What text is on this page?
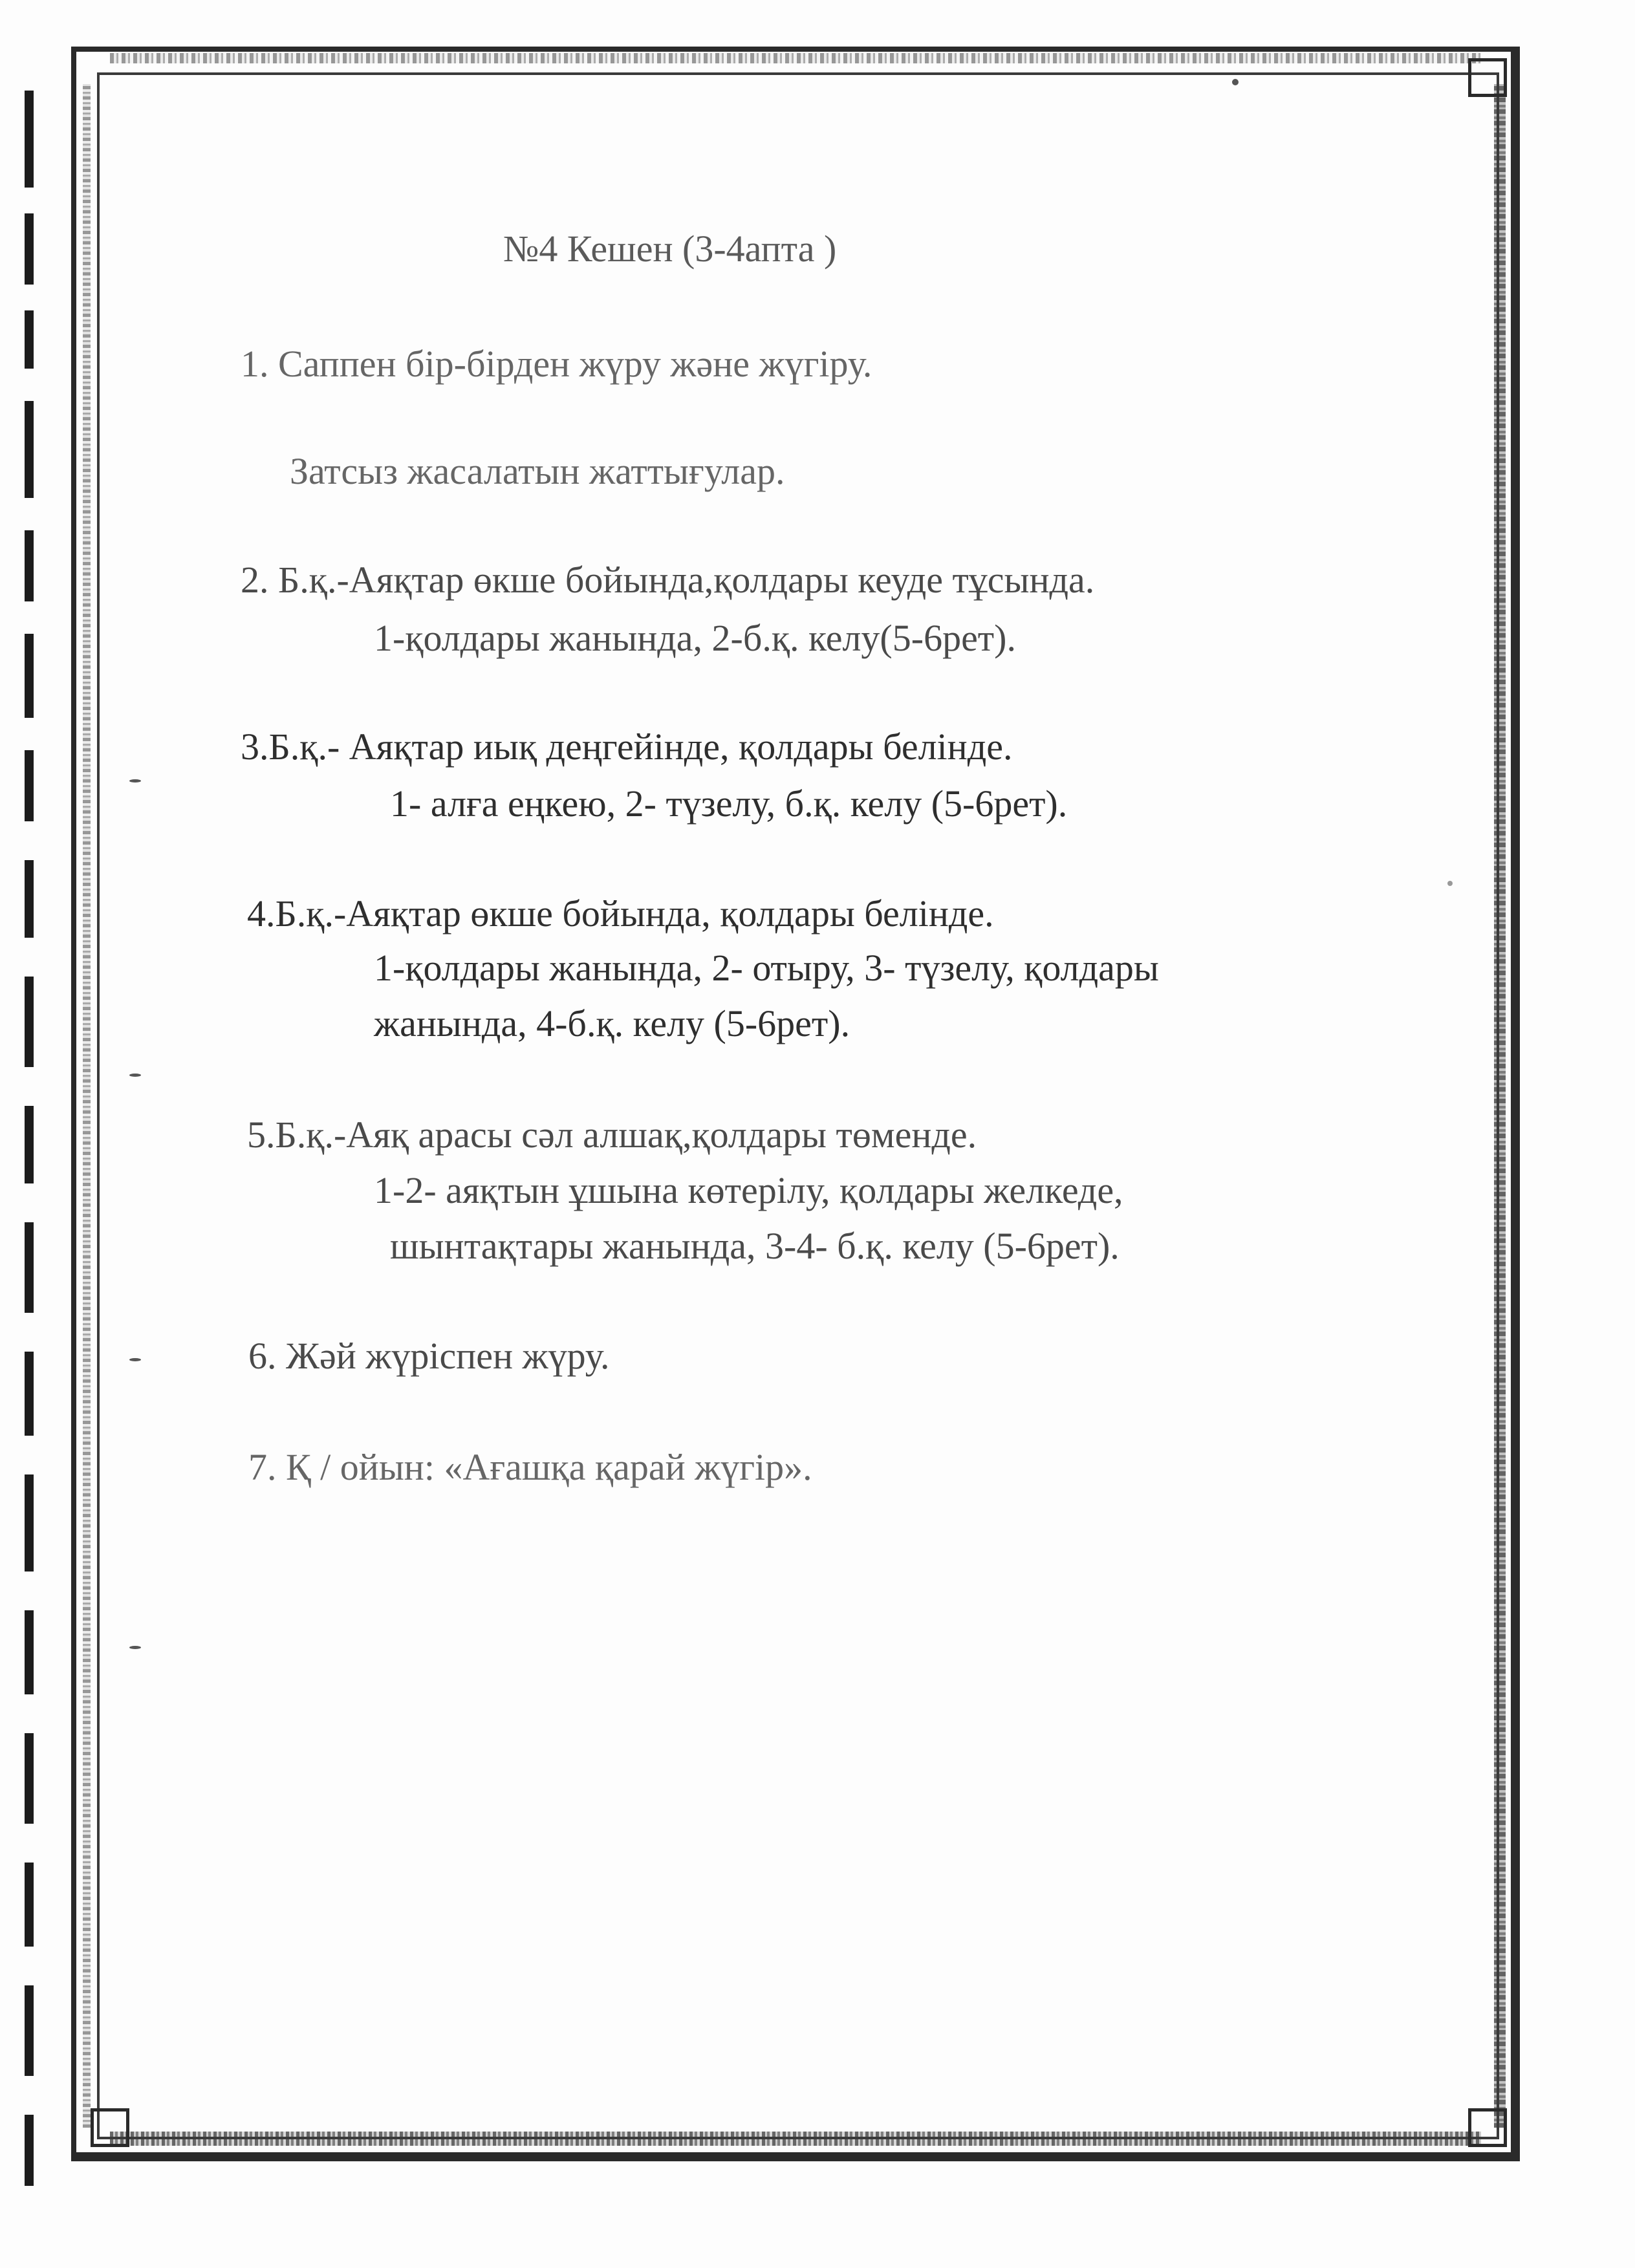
№4 Кешен (3-4апта )
1. Саппен бір-бірден жүру және жүгіру.
Затсыз жасалатын жаттығулар.
2. Б.қ.-Аяқтар өкше бойында,қолдары кеуде тұсында.
1-қолдары жанында, 2-б.қ. келу(5-6рет).
3.Б.қ.- Аяқтар иық деңгейінде, қолдары белінде.
1- алға еңкею, 2- түзелу, б.қ. келу (5-6рет).
4.Б.қ.-Аяқтар өкше бойында, қолдары белінде.
1-қолдары жанында, 2- отыру, 3- түзелу, қолдары
жанында, 4-б.қ. келу (5-6рет).
5.Б.қ.-Аяқ арасы сәл алшақ,қолдары төменде.
1-2- аяқтын ұшына көтерілу, қолдары желкеде,
шынтақтары жанында, 3-4- б.қ. келу (5-6рет).
6. Жәй жүріспен жүру.
7. Қ / ойын: «Ағашқа қарай жүгір».
